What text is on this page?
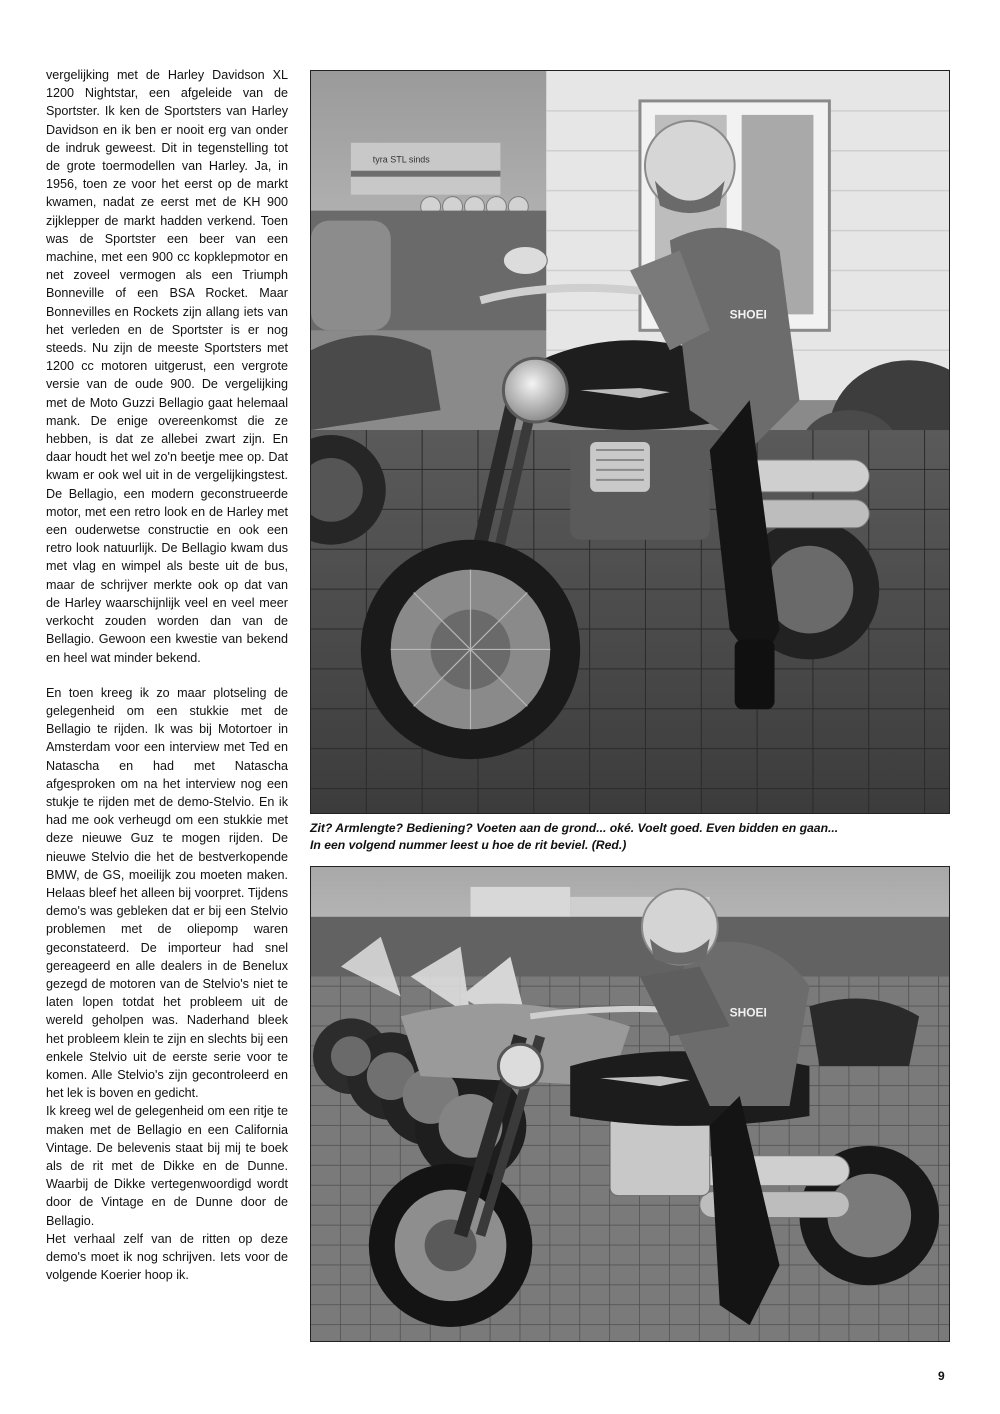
vergelijking met de Harley Davidson XL 1200 Nightstar, een afgeleide van de Sportster. Ik ken de Sportsters van Harley Davidson en ik ben er nooit erg van onder de indruk geweest. Dit in tegenstelling tot de grote toermodellen van Harley. Ja, in 1956, toen ze voor het eerst op de markt kwamen, nadat ze eerst met de KH 900 zijklepper de markt hadden verkend. Toen was de Sportster een beer van een machine, met een 900 cc kopklepmotor en net zoveel vermogen als een Triumph Bonneville of een BSA Rocket. Maar Bonnevilles en Rockets zijn allang iets van het verleden en de Sportster is er nog steeds. Nu zijn de meeste Sportsters met 1200 cc motoren uitgerust, een vergrote versie van de oude 900. De vergelijking met de Moto Guzzi Bellagio gaat helemaal mank. De enige overeenkomst die ze hebben, is dat ze allebei zwart zijn. En daar houdt het wel zo'n beetje mee op. Dat kwam er ook wel uit in de vergelijkingstest. De Bellagio, een modern geconstrueerde motor, met een retro look en de Harley met een ouderwetse constructie en ook een retro look natuurlijk. De Bellagio kwam dus met vlag en wimpel als beste uit de bus, maar de schrijver merkte ook op dat van de Harley waarschijnlijk veel en veel meer verkocht zouden worden dan van de Bellagio. Gewoon een kwestie van bekend en heel wat minder bekend.

En toen kreeg ik zo maar plotseling de gelegenheid om een stukkie met de Bellagio te rijden. Ik was bij Motortoer in Amsterdam voor een interview met Ted en Natascha en had met Natascha afgesproken om na het interview nog een stukje te rijden met de demo-Stelvio. En ik had me ook verheugd om een stukkie met deze nieuwe Guz te mogen rijden. De nieuwe Stelvio die het de bestverkopende BMW, de GS, moeilijk zou moeten maken. Helaas bleef het alleen bij voorpret. Tijdens demo's was gebleken dat er bij een Stelvio problemen met de oliepomp waren geconstateerd. De importeur had snel gereageerd en alle dealers in de Benelux gezegd de motoren van de Stelvio's niet te laten lopen totdat het probleem uit de wereld geholpen was. Naderhand bleek het probleem klein te zijn en slechts bij een enkele Stelvio uit de eerste serie voor te komen. Alle Stelvio's zijn gecontroleerd en het lek is boven en gedicht.

Ik kreeg wel de gelegenheid om een ritje te maken met de Bellagio en een California Vintage. De belevenis staat bij mij te boek als de rit met de Dikke en de Dunne. Waarbij de Dikke vertegenwoordigd wordt door de Vintage en de Dunne door de Bellagio.

Het verhaal zelf van de ritten op deze demo's moet ik nog schrijven. Iets voor de volgende Koerier hoop ik.

tyra STL sinds
SHOEI
Zit? Armlengte? Bediening? Voeten aan de grond... oké. Voelt goed. Even bidden en gaan...
In een volgend nummer leest u hoe de rit beviel. (Red.)
SHOEI
9
